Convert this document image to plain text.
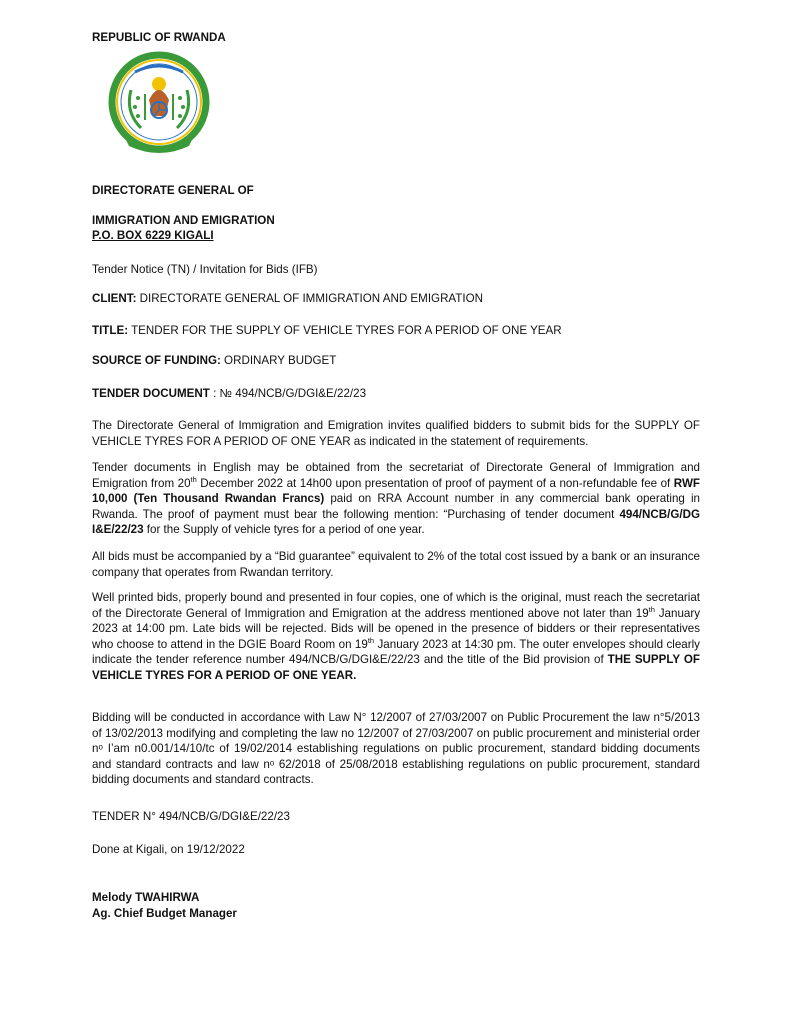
REPUBLIC OF RWANDA
DIRECTORATE GENERAL OF
IMMIGRATION AND EMIGRATION
P.O. BOX 6229 KIGALI
Tender Notice (TN) / Invitation for Bids (IFB)
CLIENT: DIRECTORATE GENERAL OF IMMIGRATION AND EMIGRATION
TITLE: TENDER FOR THE SUPPLY OF VEHICLE TYRES FOR A PERIOD OF ONE YEAR
SOURCE OF FUNDING: ORDINARY BUDGET
TENDER DOCUMENT : № 494/NCB/G/DGI&E/22/23

The Directorate General of Immigration and Emigration invites qualified bidders to submit bids for the SUPPLY OF VEHICLE TYRES FOR A PERIOD OF ONE YEAR as indicated in the statement of requirements.

Tender documents in English may be obtained from the secretariat of Directorate General of Immigration and Emigration from 20th December 2022 at 14h00 upon presentation of proof of payment of a non-refundable fee of RWF 10,000 (Ten Thousand Rwandan Francs) paid on RRA Account number in any commercial bank operating in Rwanda. The proof of payment must bear the following mention: “Purchasing of tender document 494/NCB/G/DG I&E/22/23 for the Supply of vehicle tyres for a period of one year.

All bids must be accompanied by a “Bid guarantee” equivalent to 2% of the total cost issued by a bank or an insurance company that operates from Rwandan territory.

Well printed bids, properly bound and presented in four copies, one of which is the original, must reach the secretariat of the Directorate General of Immigration and Emigration at the address mentioned above not later than 19th January 2023 at 14:00 pm. Late bids will be rejected. Bids will be opened in the presence of bidders or their representatives who choose to attend in the DGIE Board Room on 19th January 2023 at 14:30 pm. The outer envelopes should clearly indicate the tender reference number 494/NCB/G/DGI&E/22/23 and the title of the Bid provision of THE SUPPLY OF VEHICLE TYRES FOR A PERIOD OF ONE YEAR.

Bidding will be conducted in accordance with Law N° 12/2007 of 27/03/2007 on Public Procurement the law n°5/2013 of 13/02/2013 modifying and completing the law no 12/2007 of 27/03/2007 on public procurement and ministerial order nᵒ I’am n0.001/14/10/tc of 19/02/2014 establishing regulations on public procurement, standard bidding documents and standard contracts and law nᵒ 62/2018 of 25/08/2018 establishing regulations on public procurement, standard bidding documents and standard contracts.

TENDER N° 494/NCB/G/DGI&E/22/23
Done at Kigali, on 19/12/2022
Melody TWAHIRWA
Ag. Chief Budget Manager
